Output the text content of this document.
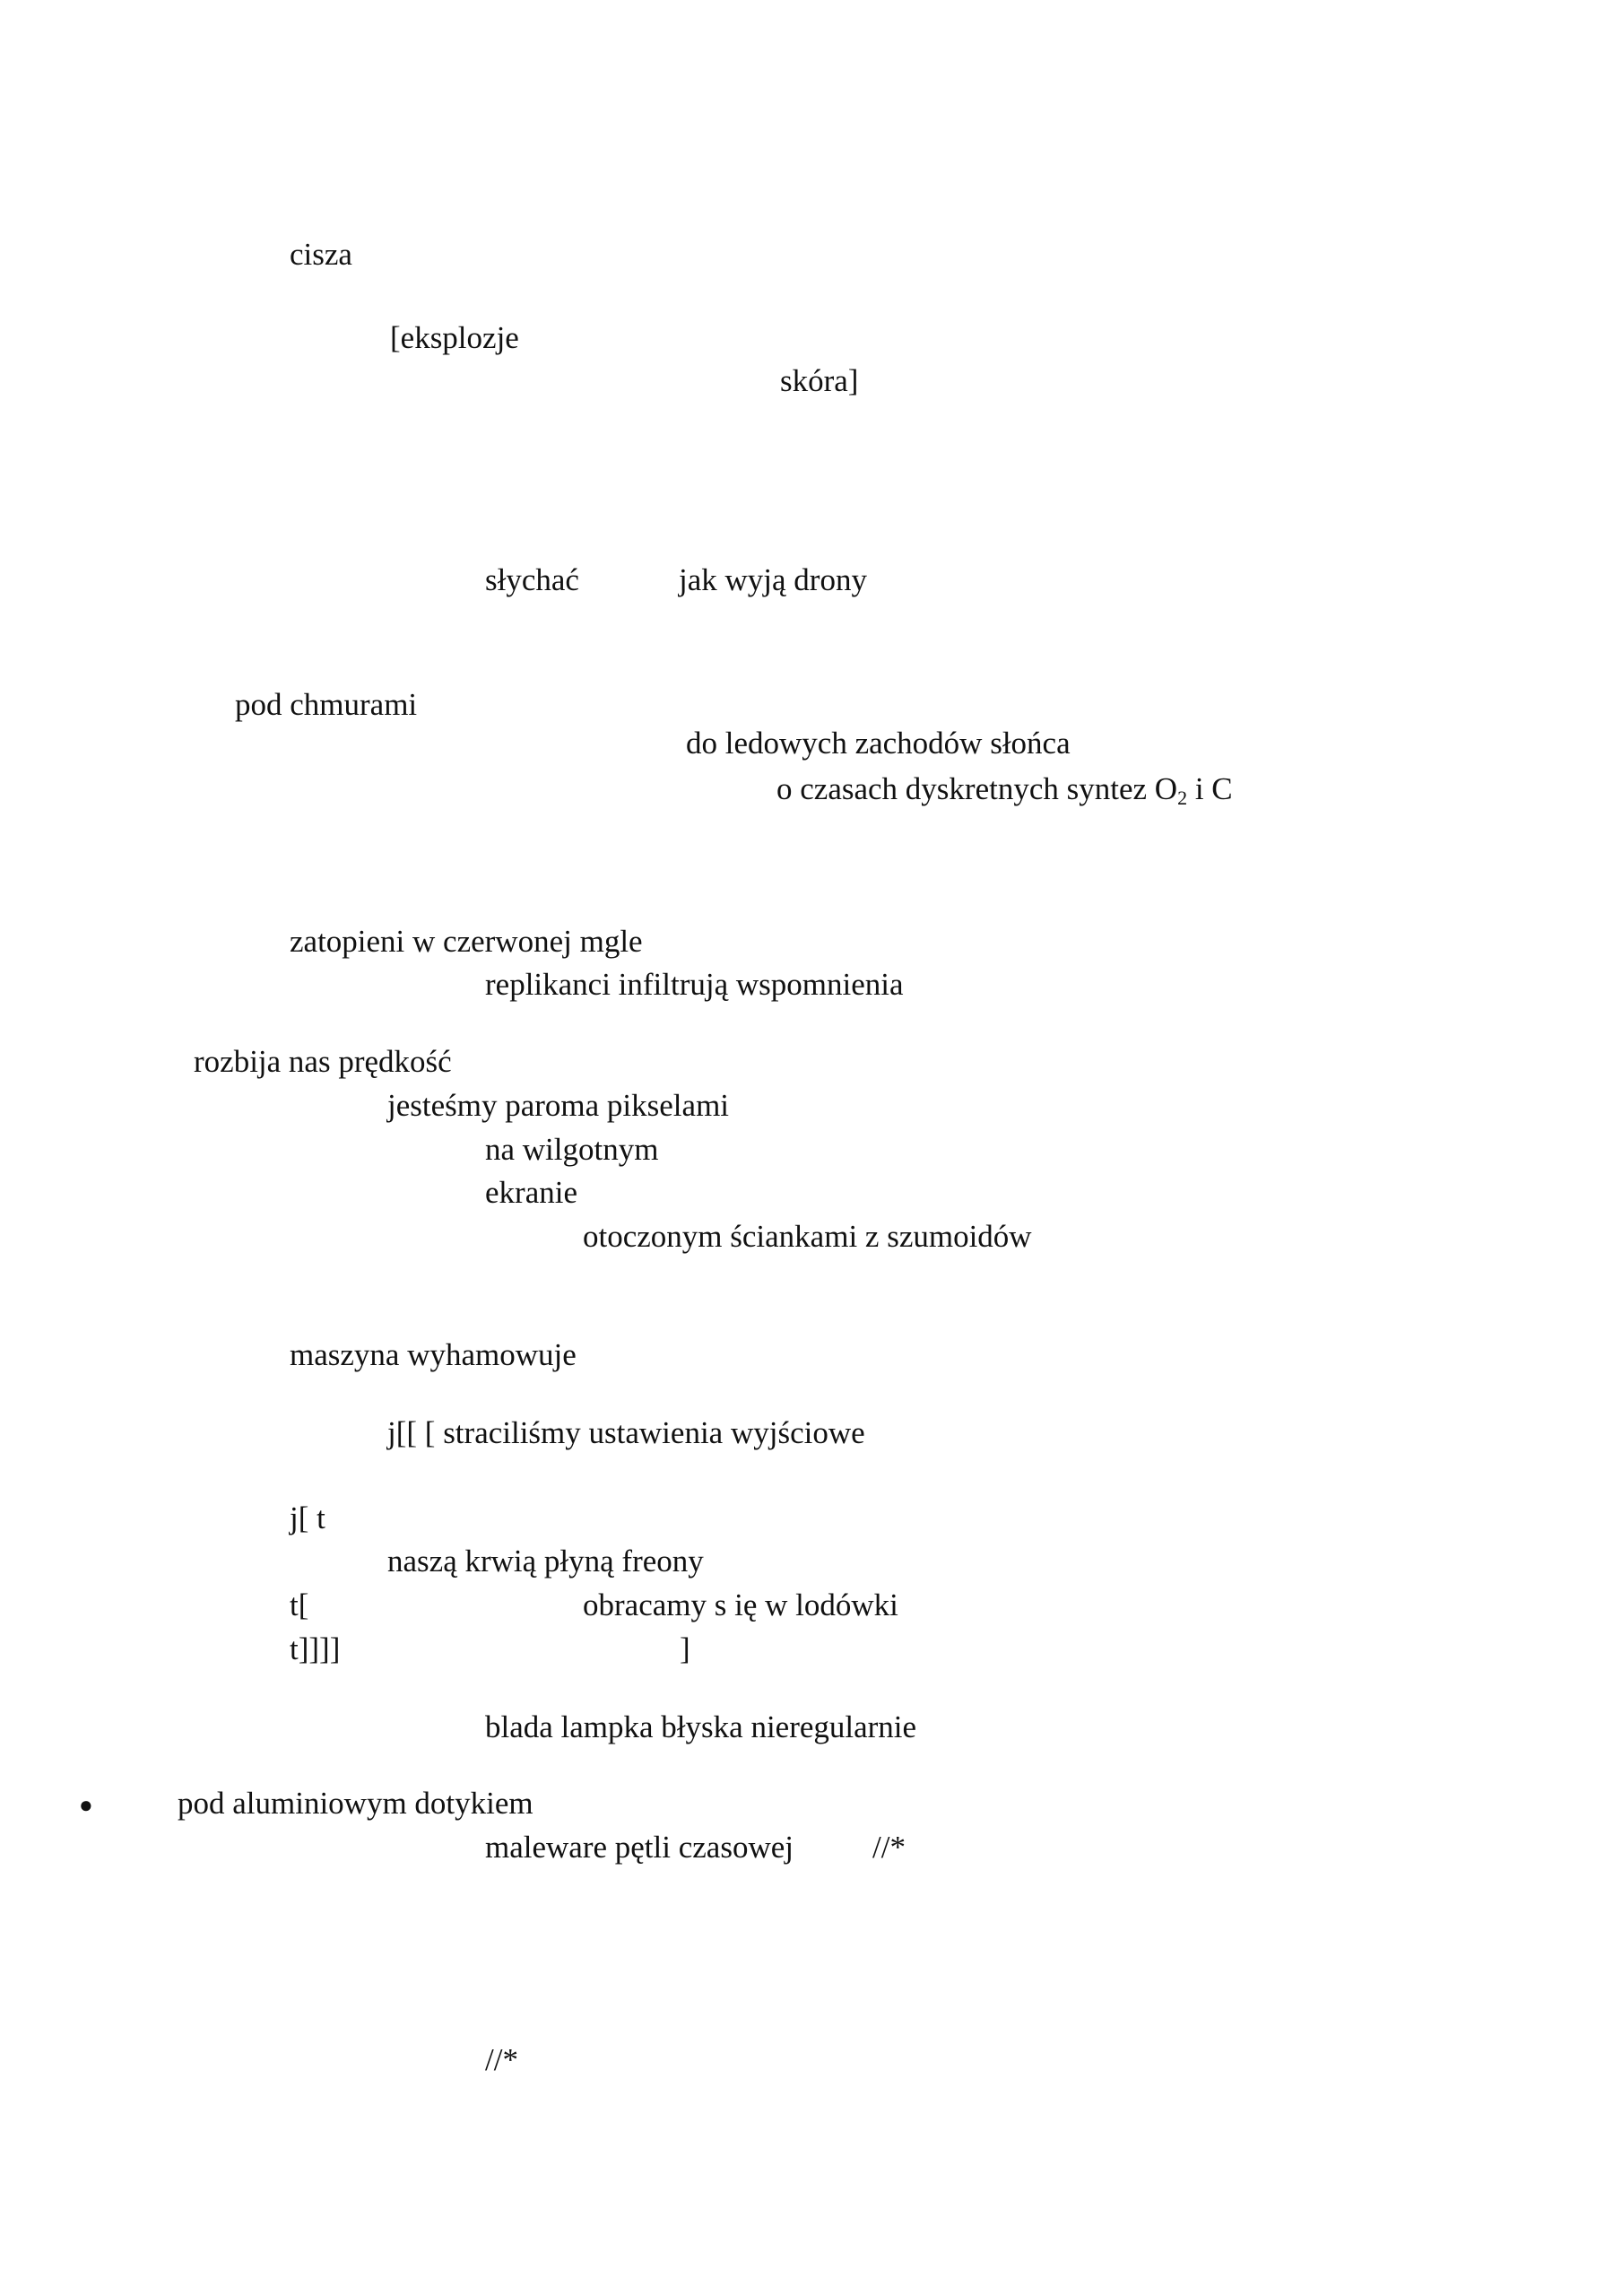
cisza

[eksplozje

skóra]

słychać	jak wyją drony

pod chmurami

do ledowych zachodów słońca

o czasach dyskretnych syntez $O_2$ i C

zatopieni w czerwonej mgle

replikanci infiltrują wspomnienia

rozbija nas prędkość

jesteśmy paroma pikselami

na wilgotnym

ekranie

otoczonym ściankami z szumoidów

maszyna wyhamowuje

j[[ [ straciliśmy ustawienia wyjściowe

j[ t

naszą krwią płyną freony

t[	obracamy s ię w lodówki

t]]]]	]

blada lampka błyska nieregularnie

●	pod aluminiowym dotykiem

maleware pętli czasowej	//*

//*
